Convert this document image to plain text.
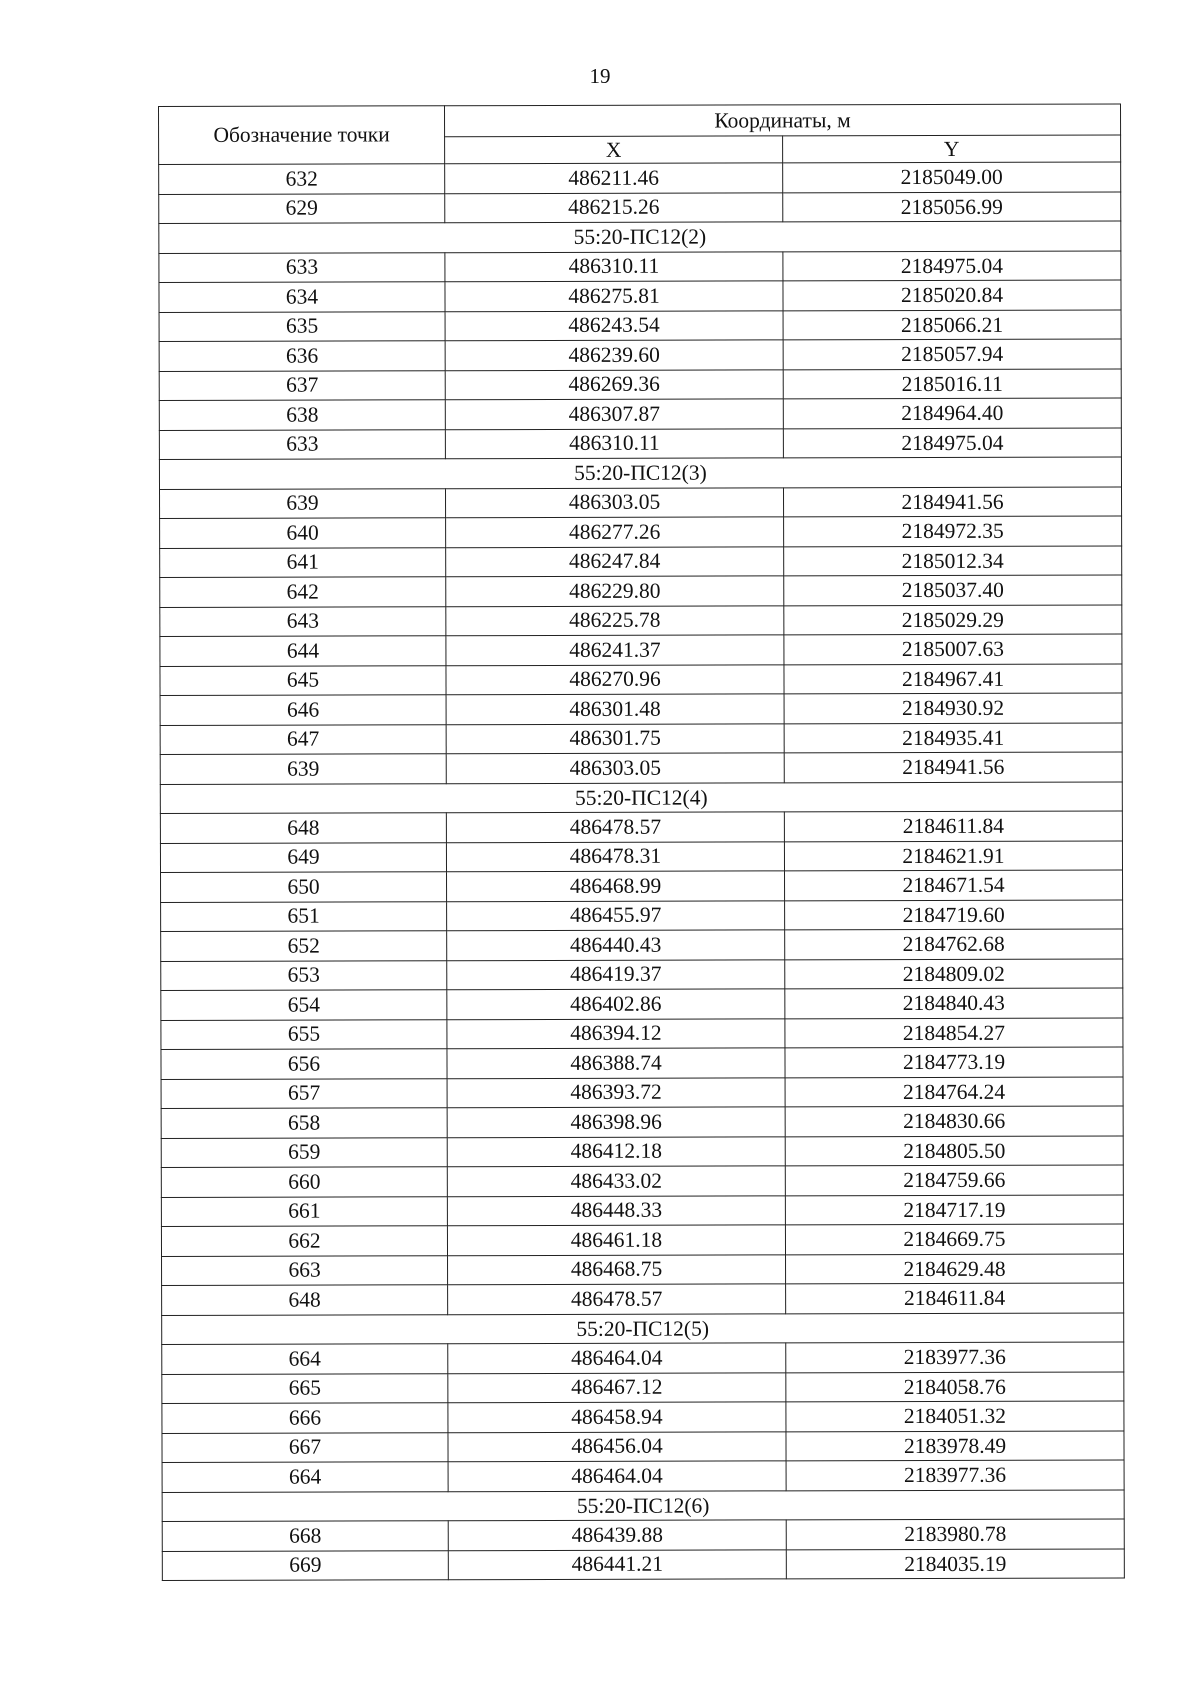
19
Обозначение точки	Координаты, м	
	X	Y
632	486211.46	2185049.00
629	486215.26	2185056.99
55:20-ПС12(2)		
633	486310.11	2184975.04
634	486275.81	2185020.84
635	486243.54	2185066.21
636	486239.60	2185057.94
637	486269.36	2185016.11
638	486307.87	2184964.40
633	486310.11	2184975.04
55:20-ПС12(3)		
639	486303.05	2184941.56
640	486277.26	2184972.35
641	486247.84	2185012.34
642	486229.80	2185037.40
643	486225.78	2185029.29
644	486241.37	2185007.63
645	486270.96	2184967.41
646	486301.48	2184930.92
647	486301.75	2184935.41
639	486303.05	2184941.56
55:20-ПС12(4)		
648	486478.57	2184611.84
649	486478.31	2184621.91
650	486468.99	2184671.54
651	486455.97	2184719.60
652	486440.43	2184762.68
653	486419.37	2184809.02
654	486402.86	2184840.43
655	486394.12	2184854.27
656	486388.74	2184773.19
657	486393.72	2184764.24
658	486398.96	2184830.66
659	486412.18	2184805.50
660	486433.02	2184759.66
661	486448.33	2184717.19
662	486461.18	2184669.75
663	486468.75	2184629.48
648	486478.57	2184611.84
55:20-ПС12(5)		
664	486464.04	2183977.36
665	486467.12	2184058.76
666	486458.94	2184051.32
667	486456.04	2183978.49
664	486464.04	2183977.36
55:20-ПС12(6)		
668	486439.88	2183980.78
669	486441.21	2184035.19
